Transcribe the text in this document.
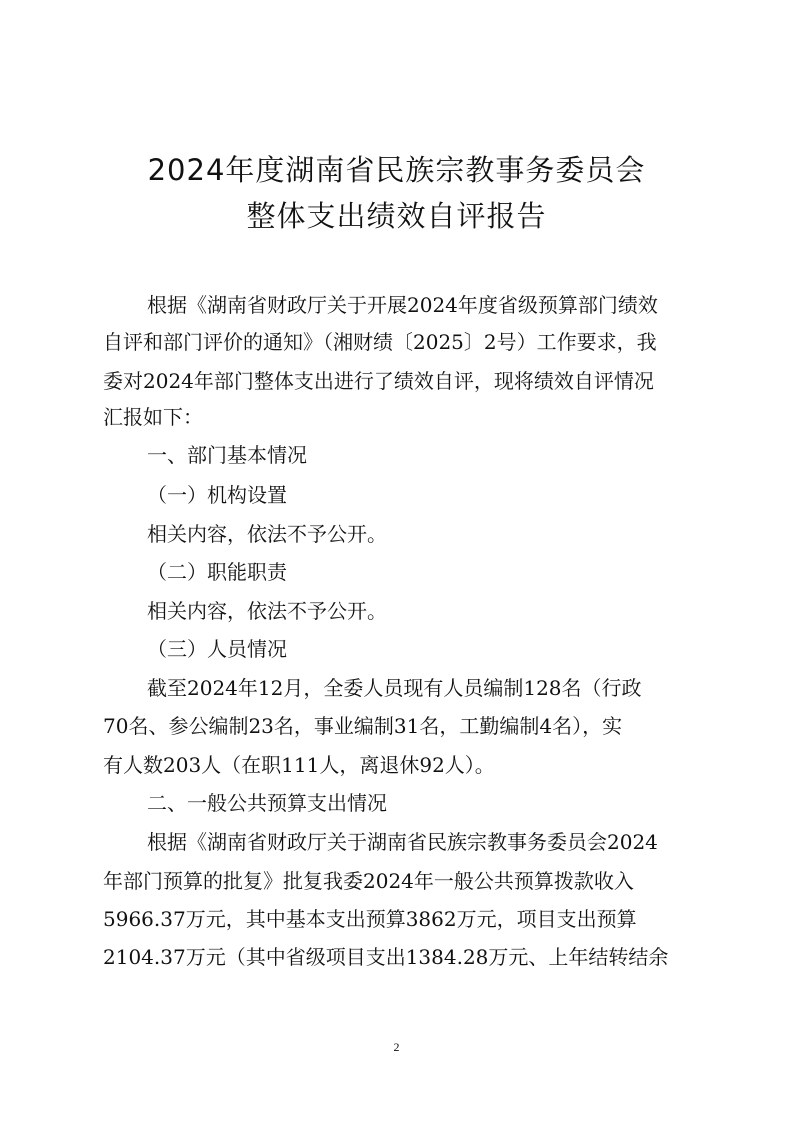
2024年度湖南省民族宗教事务委员会
整体支出绩效自评报告
根据《湖南省财政厅关于开展2024年度省级预算部门绩效
自评和部门评价的通知》（湘财绩〔2025〕2号）工作要求，我
委对2024年部门整体支出进行了绩效自评，现将绩效自评情况
汇报如下：
一、部门基本情况
（一）机构设置
相关内容，依法不予公开。
（二）职能职责
相关内容，依法不予公开。
（三）人员情况
截至2024年12月，全委人员现有人员编制128名（行政
70名、参公编制23名，事业编制31名，工勤编制4名），实
有人数203人（在职111人，离退休92人）。
二、一般公共预算支出情况
根据《湖南省财政厅关于湖南省民族宗教事务委员会2024
年部门预算的批复》批复我委2024年一般公共预算拨款收入
5966.37万元，其中基本支出预算3862万元，项目支出预算
2104.37万元（其中省级项目支出1384.28万元、上年结转结余
2
